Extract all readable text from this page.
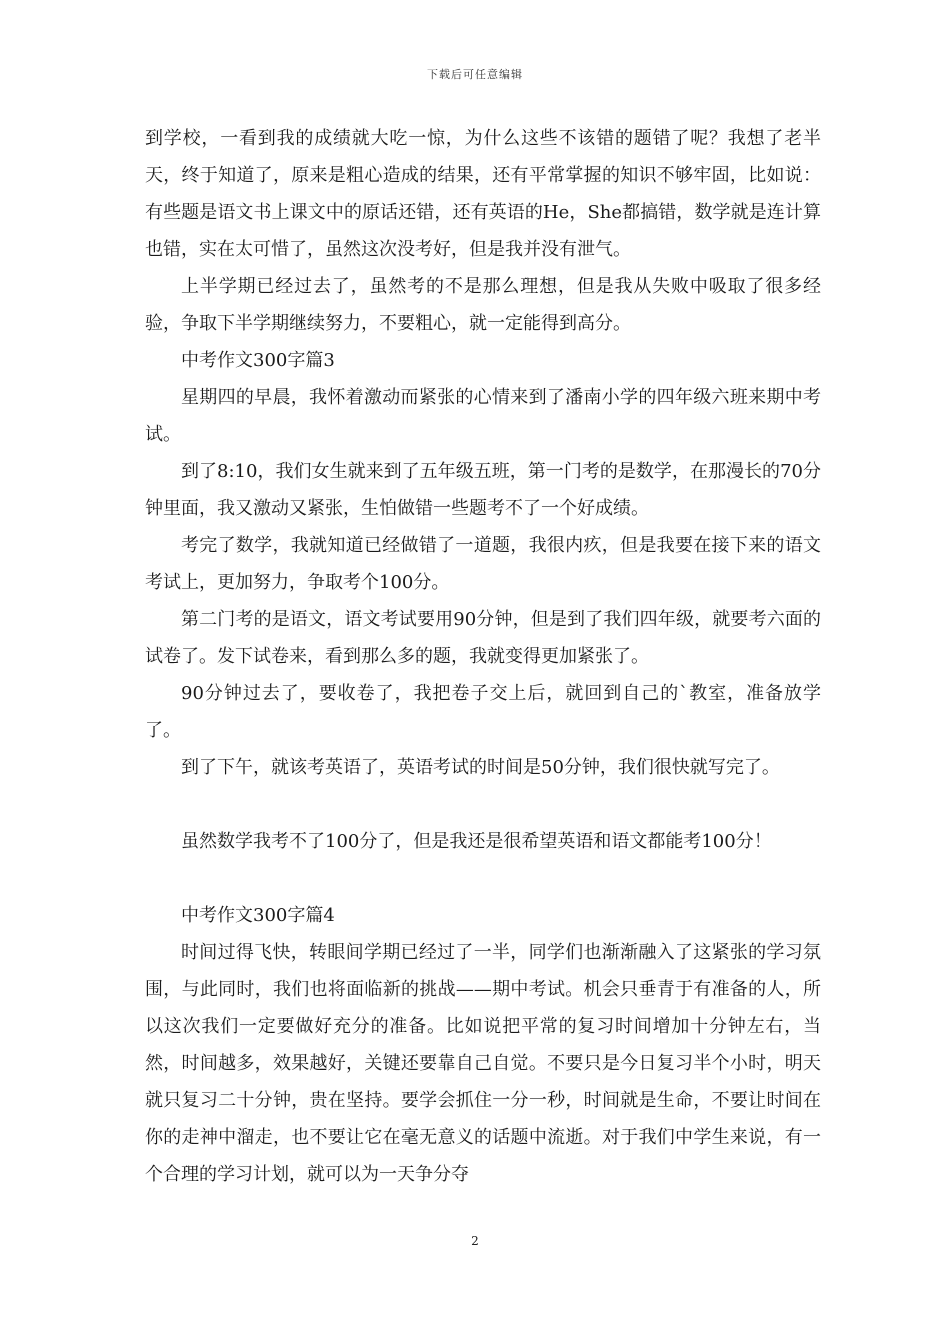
下载后可任意编辑

到学校，一看到我的成绩就大吃一惊，为什么这些不该错的题错了呢？我想了老半天，终于知道了，原来是粗心造成的结果，还有平常掌握的知识不够牢固，比如说：有些题是语文书上课文中的原话还错，还有英语的He，She都搞错，数学就是连计算也错，实在太可惜了，虽然这次没考好，但是我并没有泄气。

上半学期已经过去了，虽然考的不是那么理想，但是我从失败中吸取了很多经验，争取下半学期继续努力，不要粗心，就一定能得到高分。

中考作文300字篇3

星期四的早晨，我怀着激动而紧张的心情来到了潘南小学的四年级六班来期中考试。

到了8:10，我们女生就来到了五年级五班，第一门考的是数学，在那漫长的70分钟里面，我又激动又紧张，生怕做错一些题考不了一个好成绩。

考完了数学，我就知道已经做错了一道题，我很内疚，但是我要在接下来的语文考试上，更加努力，争取考个100分。

第二门考的是语文，语文考试要用90分钟，但是到了我们四年级，就要考六面的试卷了。发下试卷来，看到那么多的题，我就变得更加紧张了。

90分钟过去了，要收卷了，我把卷子交上后，就回到自己的`教室，准备放学了。

到了下午，就该考英语了，英语考试的时间是50分钟，我们很快就写完了。

虽然数学我考不了100分了，但是我还是很希望英语和语文都能考100分！

中考作文300字篇4

时间过得飞快，转眼间学期已经过了一半，同学们也渐渐融入了这紧张的学习氛围，与此同时，我们也将面临新的挑战——期中考试。机会只垂青于有准备的人，所以这次我们一定要做好充分的准备。比如说把平常的复习时间增加十分钟左右，当然，时间越多，效果越好，关键还要靠自己自觉。不要只是今日复习半个小时，明天就只复习二十分钟，贵在坚持。要学会抓住一分一秒，时间就是生命，不要让时间在你的走神中溜走，也不要让它在毫无意义的话题中流逝。对于我们中学生来说，有一个合理的学习计划，就可以为一天争分夺

2
